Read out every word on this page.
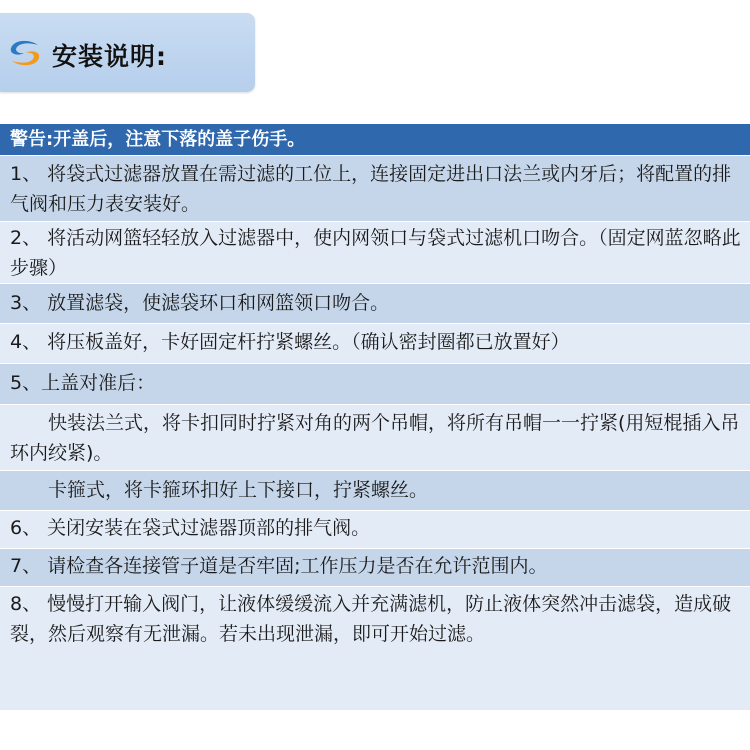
安装说明:
警告:开盖后，注意下落的盖子伤手。
1、 将袋式过滤器放置在需过滤的工位上，连接固定进出口法兰或内牙后；将配置的排气阀和压力表安装好。
2、 将活动网篮轻轻放入过滤器中，使内网领口与袋式过滤机口吻合。（固定网蓝忽略此步骤）
3、 放置滤袋，使滤袋环口和网篮领口吻合。
4、 将压板盖好，卡好固定杆拧紧螺丝。（确认密封圈都已放置好）
5、上盖对准后：
　　快装法兰式，将卡扣同时拧紧对角的两个吊帽，将所有吊帽一一拧紧(用短棍插入吊环内绞紧)。
　　卡箍式，将卡箍环扣好上下接口，拧紧螺丝。
6、 关闭安装在袋式过滤器顶部的排气阀。
7、 请检查各连接管子道是否牢固;工作压力是否在允许范围内。
8、 慢慢打开输入阀门，让液体缓缓流入并充满滤机，防止液体突然冲击滤袋，造成破裂，然后观察有无泄漏。若未出现泄漏，即可开始过滤。
